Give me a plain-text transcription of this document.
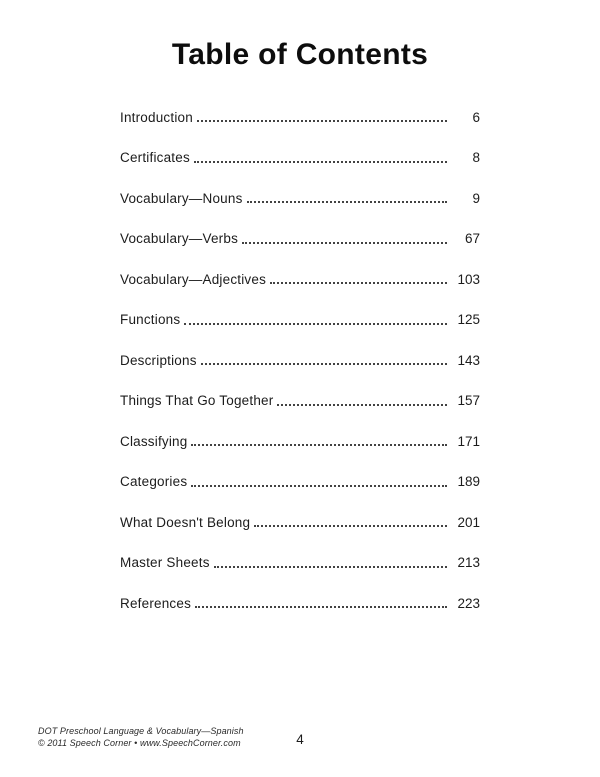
Table of Contents
Introduction	6
Certificates	8
Vocabulary—Nouns	9
Vocabulary—Verbs	67
Vocabulary—Adjectives	103
Functions	125
Descriptions	143
Things That Go Together	157
Classifying	171
Categories	189
What Doesn't Belong	201
Master Sheets	213
References	223
DOT Preschool Language & Vocabulary—Spanish
© 2011 Speech Corner • www.SpeechCorner.com	4
